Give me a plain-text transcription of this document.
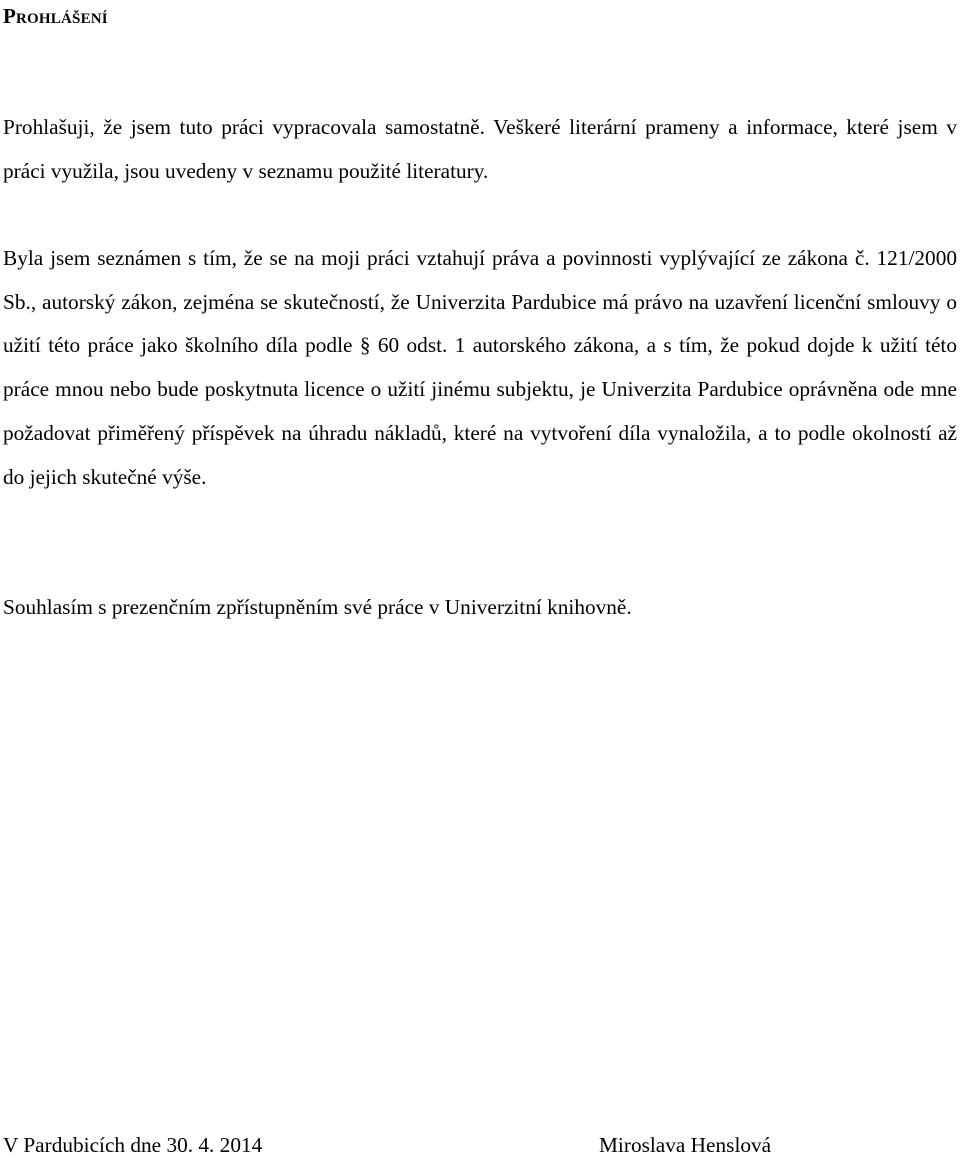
Prohlášení

Prohlašuji, že jsem tuto práci vypracovala samostatně. Veškeré literární prameny a informace, které jsem v práci využila, jsou uvedeny v seznamu použité literatury.

Byla jsem seznámen s tím, že se na moji práci vztahují práva a povinnosti vyplývající ze zákona č. 121/2000 Sb., autorský zákon, zejména se skutečností, že Univerzita Pardubice má právo na uzavření licenční smlouvy o užití této práce jako školního díla podle § 60 odst. 1 autorského zákona, a s tím, že pokud dojde k užití této práce mnou nebo bude poskytnuta licence o užití jinému subjektu, je Univerzita Pardubice oprávněna ode mne požadovat přiměřený příspěvek na úhradu nákladů, které na vytvoření díla vynaložila, a to podle okolností až do jejich skutečné výše.

Souhlasím s prezenčním zpřístupněním své práce v Univerzitní knihovně.

V Pardubicích dne 30. 4. 2014	Miroslava Henslová
